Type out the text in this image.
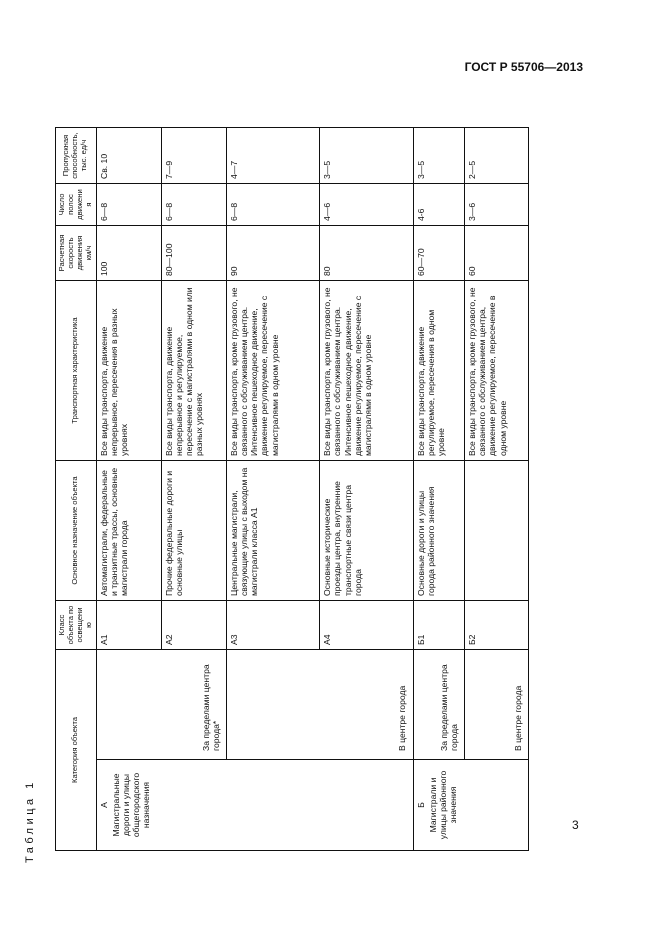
ГОСТ Р 55706—2013
Таблица 1
Категория объекта		Класс объекта по освещению	Основное назначение объекта	Транспортная характеристика	Расчетная скорость движения км/ч	Число полос движения	Пропускная способность, тыс. ед/ч

А Магистральные дороги и улицы общегородского назначения	За пределами центра города*	А1	Автомагистрали, федеральные и транзитные трассы, основные магистрали города	Все виды транспорта, движение непрерывное, пересечения в разных уровнях	100	6—8	Св. 10
		А2	Прочие федеральные дороги и основные улицы	Все виды транспорта, движение непрерывное и регулируемое, пересечение с магистралями в одном или разных уровнях	80—100	6—8	7—9

	В центре города	А3	Центральные магистрали, связующие улицы с выходом на магистрали класса А1	Все виды транспорта, кроме грузового, не связанного с обслуживанием центра. Интенсивное пешеходное движение, движение регулируемое, пересечение с магистралями в одном уровне	90	6—8	4—7
		А4	Основные исторические проезды центра, внутренние транспортные связи центра города	Все виды транспорта, кроме грузового, не связанного с обслуживанием центра. Интенсивное пешеходное движение, движение регулируемое, пересечение с магистралями в одном уровне	80	4—6	3—5

Б Магистрали и улицы районного значения	За пределами центра города	Б1	Основные дороги и улицы города районного значения	Все виды транспорта, движение регулируемое, пересечения в одном уровне	60—70	4-6	3—5

	В центре города	Б2		Все виды транспорта, кроме грузового, не связанного с обслуживанием центра, движение регулируемое, пересечение в одном уровне	60	3—6	2—5
3
